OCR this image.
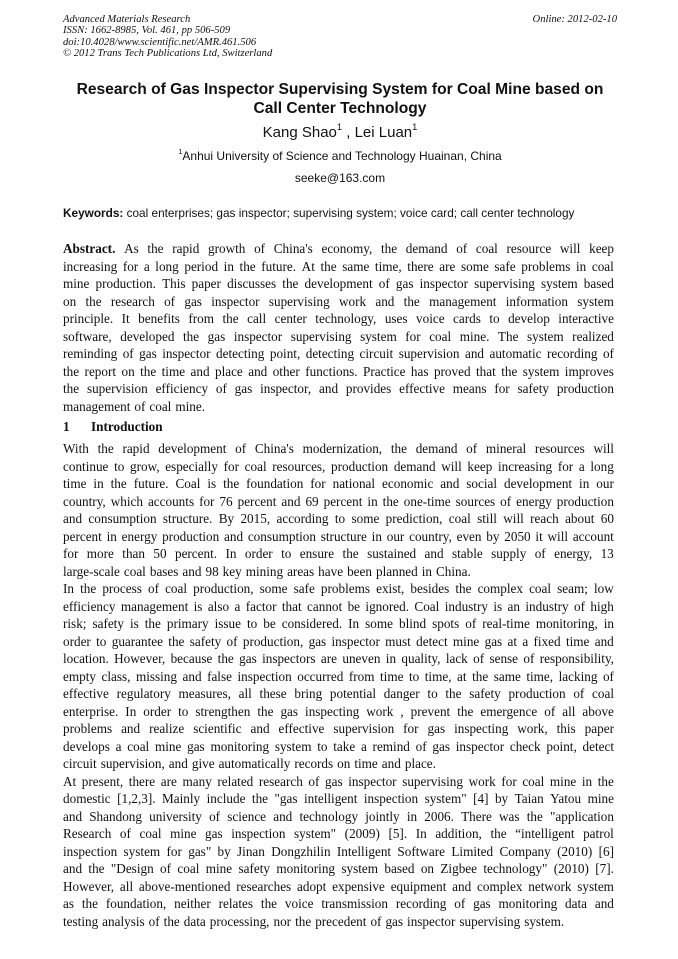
Advanced Materials Research
ISSN: 1662-8985, Vol. 461, pp 506-509
doi:10.4028/www.scientific.net/AMR.461.506
© 2012 Trans Tech Publications Ltd, Switzerland
Online: 2012-02-10
Research of Gas Inspector Supervising System for Coal Mine based on
Call Center Technology
Kang Shao$^1$ , Lei Luan$^1$
$^1$Anhui University of Science and Technology Huainan, China
seeke@163.com
Keywords: coal enterprises; gas inspector; supervising system; voice card; call center technology
Abstract. As the rapid growth of China's economy, the demand of coal resource will keep
increasing for a long period in the future. At the same time, there are some safe problems in coal
mine production. This paper discusses the development of gas inspector supervising system based
on the research of gas inspector supervising work and the management information system
principle. It benefits from the call center technology, uses voice cards to develop interactive
software, developed the gas inspector supervising system for coal mine. The system realized
reminding of gas inspector detecting point, detecting circuit supervision and automatic recording of
the report on the time and place and other functions. Practice has proved that the system improves
the supervision efficiency of gas inspector, and provides effective means for safety production
management of coal mine.
1 Introduction
With the rapid development of China's modernization, the demand of mineral resources will
continue to grow, especially for coal resources, production demand will keep increasing for a long
time in the future. Coal is the foundation for national economic and social development in our
country, which accounts for 76 percent and 69 percent in the one-time sources of energy production
and consumption structure. By 2015, according to some prediction, coal still will reach about 60
percent in energy production and consumption structure in our country, even by 2050 it will account
for more than 50 percent. In order to ensure the sustained and stable supply of energy, 13
large-scale coal bases and 98 key mining areas have been planned in China.
In the process of coal production, some safe problems exist, besides the complex coal seam; low
efficiency management is also a factor that cannot be ignored. Coal industry is an industry of high
risk; safety is the primary issue to be considered. In some blind spots of real-time monitoring, in
order to guarantee the safety of production, gas inspector must detect mine gas at a fixed time and
location. However, because the gas inspectors are uneven in quality, lack of sense of responsibility,
empty class, missing and false inspection occurred from time to time, at the same time, lacking of
effective regulatory measures, all these bring potential danger to the safety production of coal
enterprise. In order to strengthen the gas inspecting work , prevent the emergence of all above
problems and realize scientific and effective supervision for gas inspecting work, this paper
develops a coal mine gas monitoring system to take a remind of gas inspector check point, detect
circuit supervision, and give automatically records on time and place.
At present, there are many related research of gas inspector supervising work for coal mine in the
domestic [1,2,3]. Mainly include the "gas intelligent inspection system" [4] by Taian Yatou mine
and Shandong university of science and technology jointly in 2006. There was the "application
Research of coal mine gas inspection system" (2009) [5]. In addition, the “intelligent patrol
inspection system for gas" by Jinan Dongzhilin Intelligent Software Limited Company (2010) [6]
and the "Design of coal mine safety monitoring system based on Zigbee technology" (2010) [7].
However, all above-mentioned researches adopt expensive equipment and complex network system
as the foundation, neither relates the voice transmission recording of gas monitoring data and
testing analysis of the data processing, nor the precedent of gas inspector supervising system.
